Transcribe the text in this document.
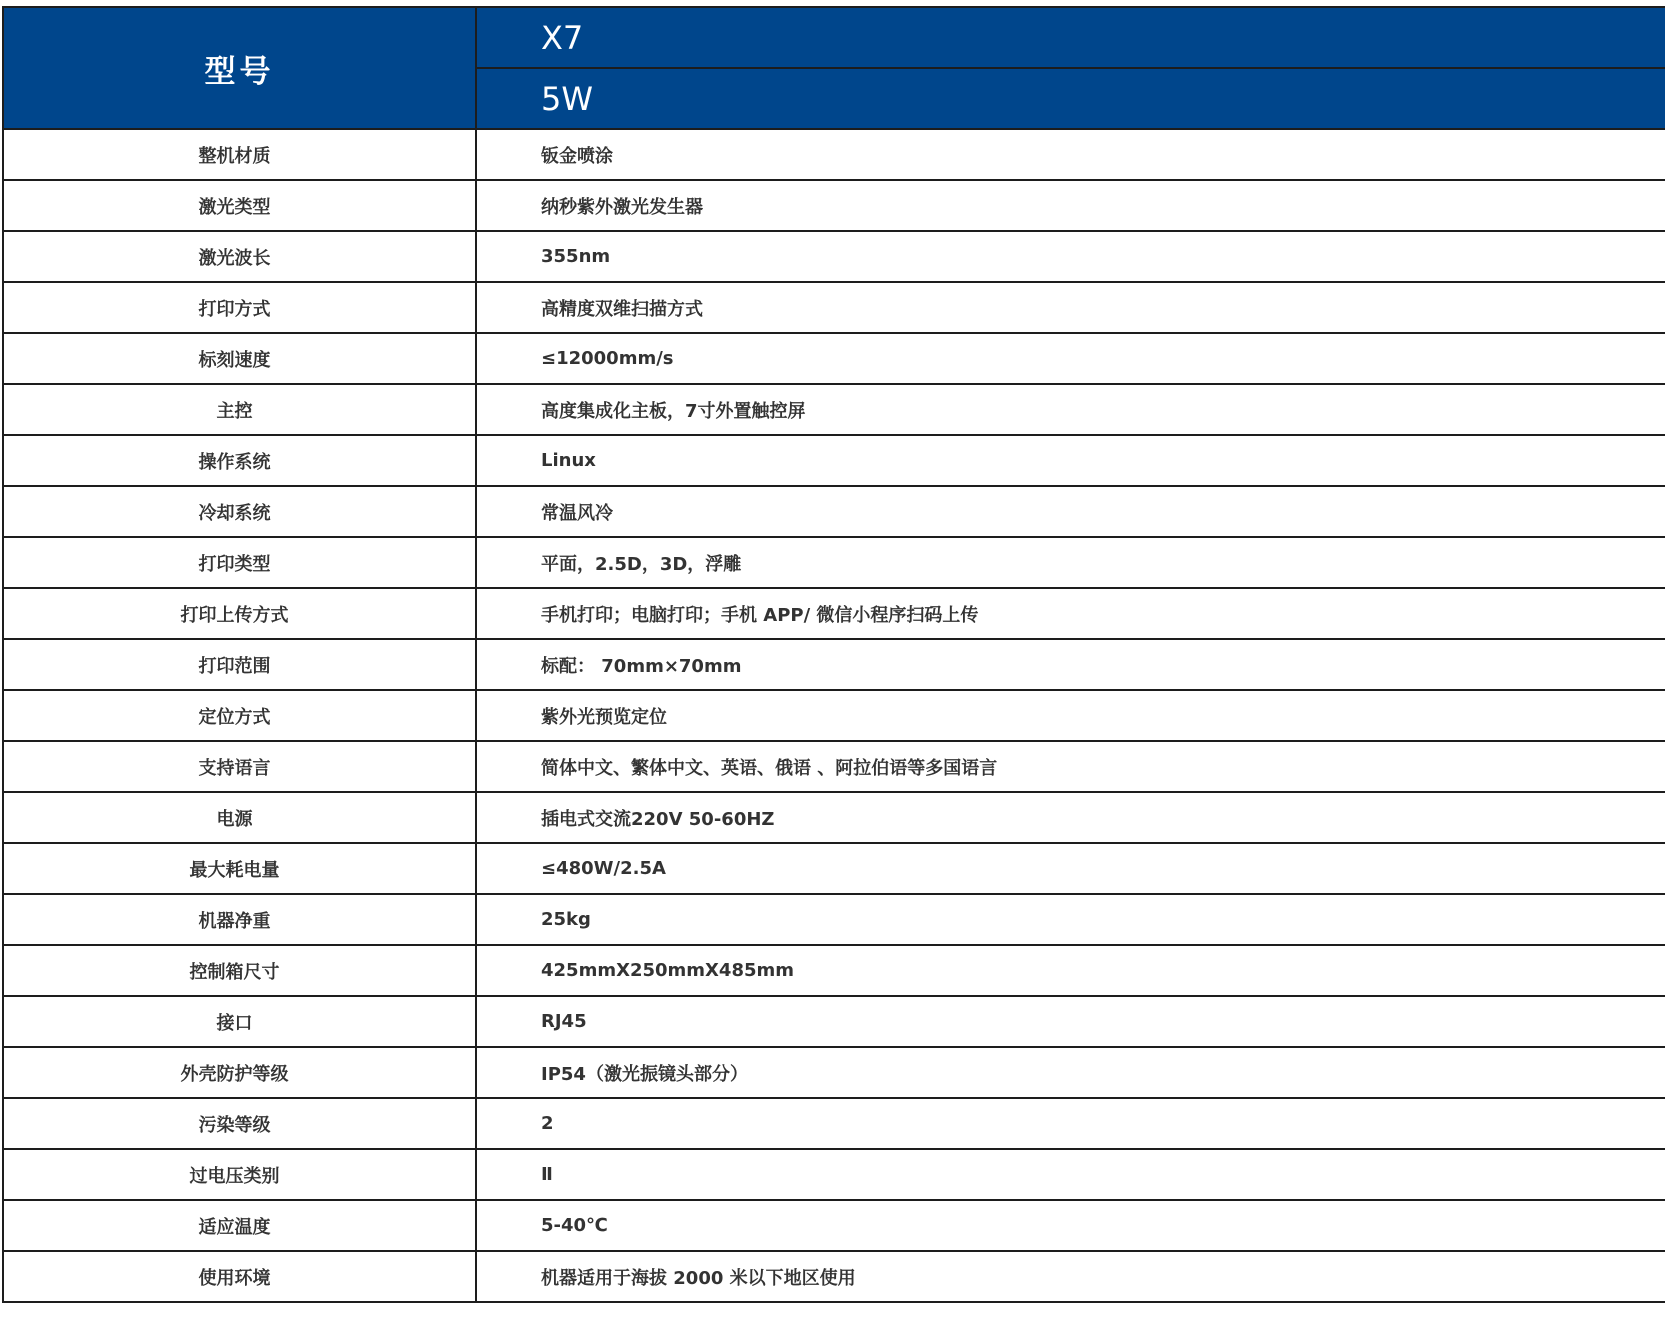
型号	X7
	5W
整机材质	钣金喷涂
激光类型	纳秒紫外激光发生器
激光波长	355nm
打印方式	高精度双维扫描方式
标刻速度	≤12000mm/s
主控	高度集成化主板，7寸外置触控屏
操作系统	Linux
冷却系统	常温风冷
打印类型	平面，2.5D，3D，浮雕
打印上传方式	手机打印；电脑打印；手机 APP/ 微信小程序扫码上传
打印范围	标配： 70mm×70mm
定位方式	紫外光预览定位
支持语言	简体中文、繁体中文、英语、俄语 、阿拉伯语等多国语言
电源	插电式交流220V 50-60HZ
最大耗电量	≤480W/2.5A
机器净重	25kg
控制箱尺寸	425mmX250mmX485mm
接口	RJ45
外壳防护等级	IP54（激光振镜头部分）
污染等级	2
过电压类别	Ⅱ
适应温度	5-40℃
使用环境	机器适用于海拔 2000 米以下地区使用
